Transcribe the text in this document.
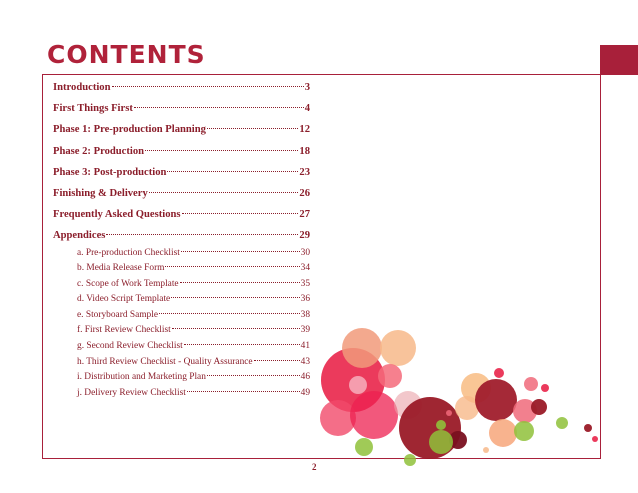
CONTENTS
Introduction	3
First Things First	4
Phase 1: Pre-production Planning	12
Phase 2: Production	18
Phase 3: Post-production	23
Finishing & Delivery	26
Frequently Asked Questions	27
Appendices	29
a. Pre-production Checklist	30
b. Media Release Form	34
c. Scope of Work Template	35
d. Video Script Template	36
e. Storyboard Sample	38
f. First Review Checklist	39
g. Second Review Checklist	41
h. Third Review Checklist - Quality Assurance	43
i. Distribution and Marketing Plan	46
j. Delivery Review Checklist	49
2
